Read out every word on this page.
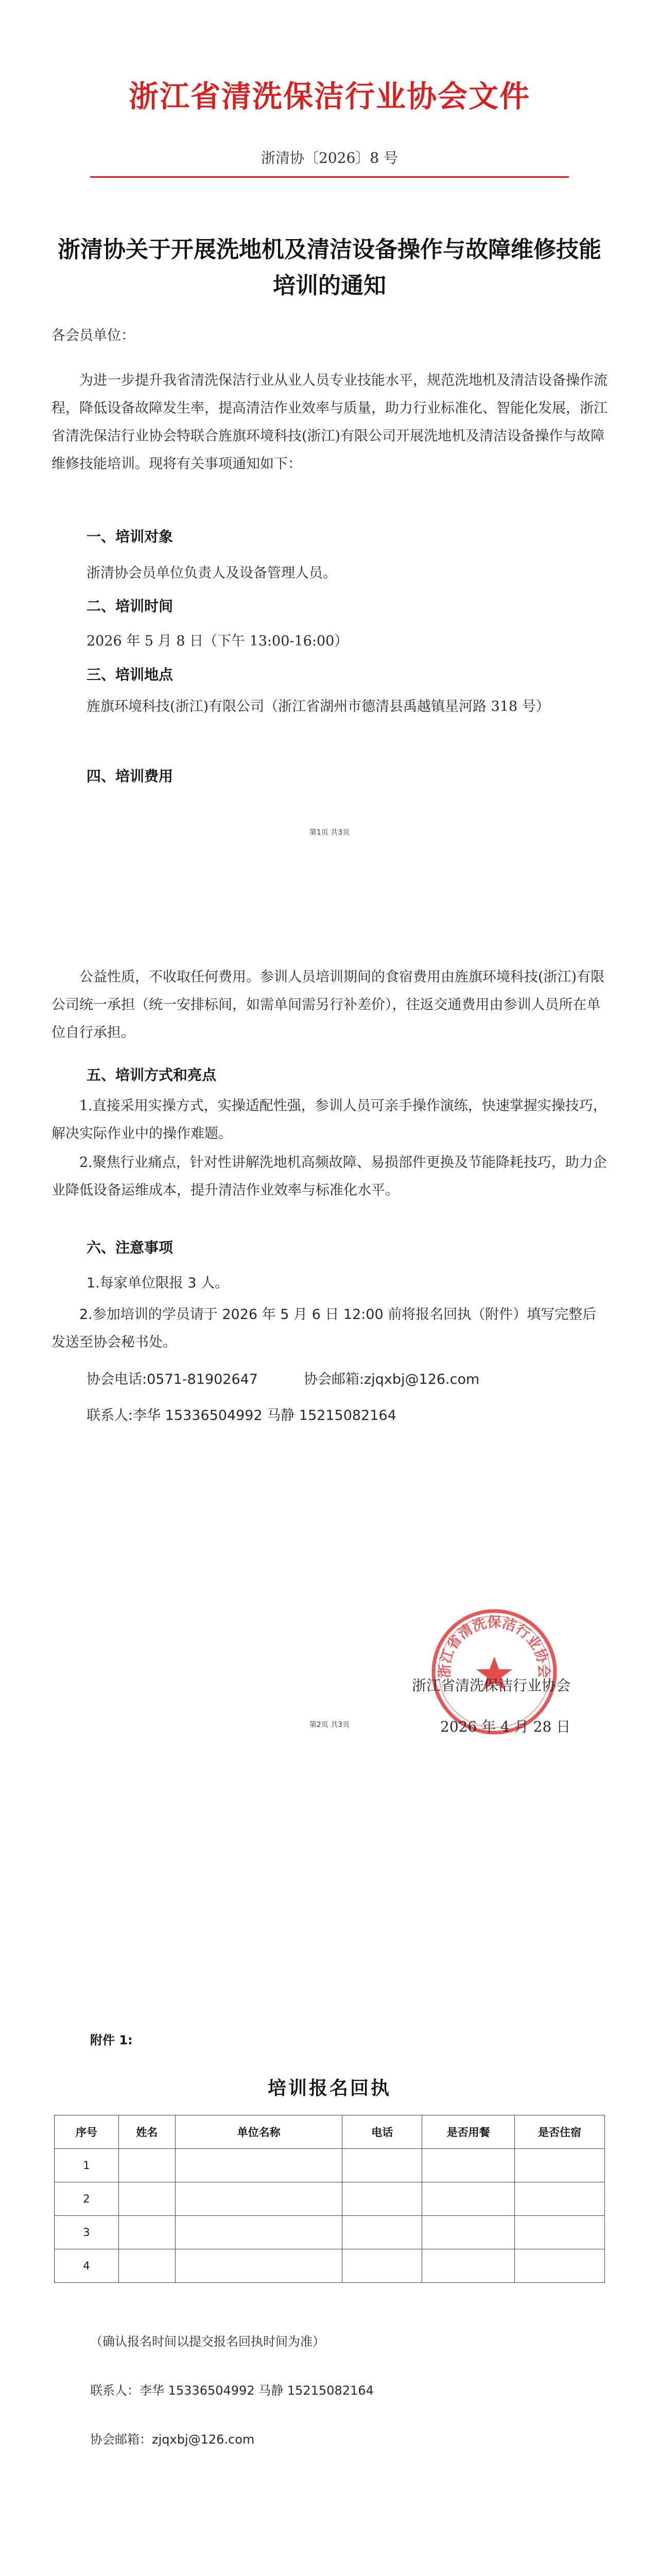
浙江省清洗保洁行业协会文件
浙清协〔2026〕8 号
浙清协关于开展洗地机及清洁设备操作与故障维修技能培训的通知
各会员单位：
为进一步提升我省清洗保洁行业从业人员专业技能水平，规范洗地机及清洁设备操作流程，降低设备故障发生率，提高清洁作业效率与质量，助力行业标准化、智能化发展，浙江省清洗保洁行业协会特联合旌旗环境科技(浙江)有限公司开展洗地机及清洁设备操作与故障维修技能培训。现将有关事项通知如下：
一、培训对象
浙清协会员单位负责人及设备管理人员。
二、培训时间
2026 年 5 月 8 日（下午 13:00-16:00）
三、培训地点
旌旗环境科技(浙江)有限公司（浙江省湖州市德清县禹越镇星河路 318 号）
四、培训费用
第1页 共3页
第2页 共3页
公益性质，不收取任何费用。参训人员培训期间的食宿费用由旌旗环境科技(浙江)有限公司统一承担（统一安排标间，如需单间需另行补差价），往返交通费用由参训人员所在单位自行承担。
五、培训方式和亮点
1.直接采用实操方式，实操适配性强，参训人员可亲手操作演练，快速掌握实操技巧，解决实际作业中的操作难题。
2.聚焦行业痛点，针对性讲解洗地机高频故障、易损部件更换及节能降耗技巧，助力企业降低设备运维成本，提升清洁作业效率与标准化水平。
六、注意事项
1.每家单位限报 3 人。
2.参加培训的学员请于 2026 年 5 月 6 日 12:00 前将报名回执（附件）填写完整后发送至协会秘书处。
协会电话:0571-81902647	协会邮箱:zjqxbj@126.com
联系人:李华 15336504992 马静 15215082164
浙江省清洗保洁行业协会
浙江省清洗保洁行业协会
2026 年 4 月 28 日
附件 1:
培训报名回执
序号	姓名	单位名称	电话	是否用餐	是否住宿
1					
2					
3					
4					
（确认报名时间以提交报名回执时间为准）
联系人：李华 15336504992 马静 15215082164
协会邮箱：zjqxbj@126.com
